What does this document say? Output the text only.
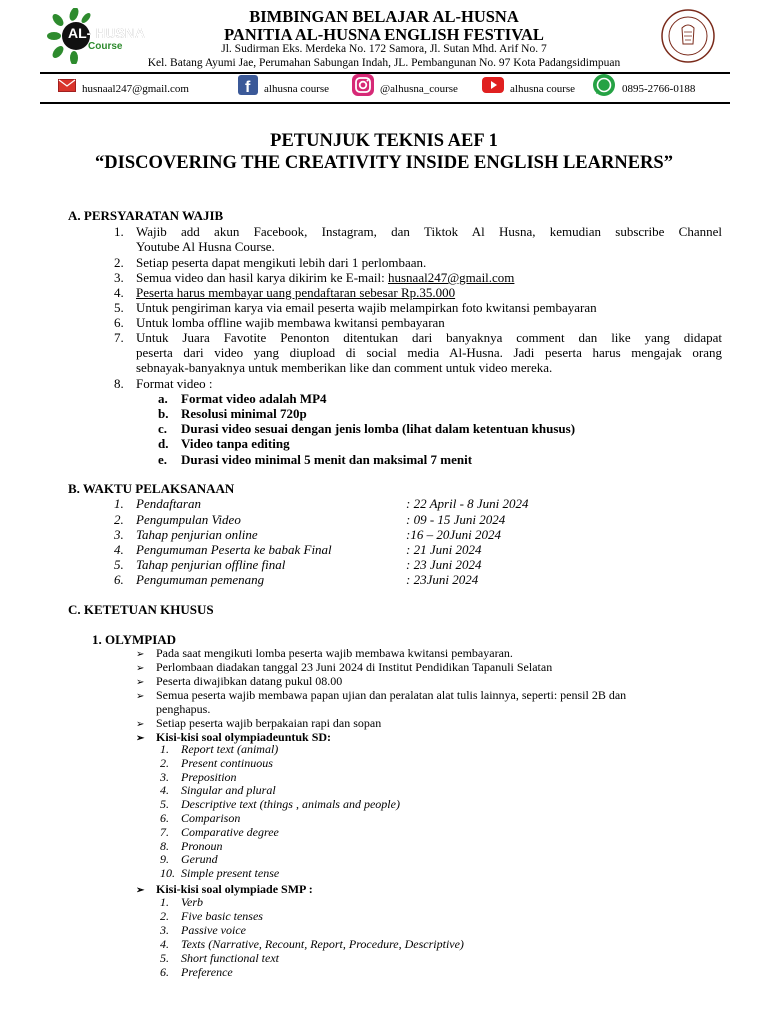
AL- HUSNA
Course
BIMBINGAN BELAJAR AL-HUSNA
PANITIA AL-HUSNA ENGLISH FESTIVAL
Jl. Sudirman Eks. Merdeka No. 172 Samora, Jl. Sutan Mhd. Arif No. 7
Kel. Batang Ayumi Jae, Perumahan Sabungan Indah, JL. Pembangunan No. 97 Kota Padangsidimpuan
husnaal247@gmail.com	f alhusna course	@alhusna_course	alhusna course	0895-2766-0188
PETUNJUK TEKNIS AEF 1
“DISCOVERING THE CREATIVITY INSIDE ENGLISH LEARNERS”
A. PERSYARATAN WAJIB
1. Wajib add akun Facebook, Instagram, dan Tiktok Al Husna, kemudian subscribe Channel
Youtube Al Husna Course.
2. Setiap peserta dapat mengikuti lebih dari 1 perlombaan.
3. Semua video dan hasil karya dikirim ke E-mail: husnaal247@gmail.com
4. Peserta harus membayar uang pendaftaran sebesar Rp.35.000
5. Untuk pengiriman karya via email peserta wajib melampirkan foto kwitansi pembayaran
6. Untuk lomba offline wajib membawa kwitansi pembayaran
7. Untuk Juara Favotite Penonton ditentukan dari banyaknya comment dan like yang didapat
peserta dari video yang diupload di social media Al-Husna. Jadi peserta harus mengajak orang
sebnayak-banyaknya untuk memberikan like dan comment untuk video mereka.
8. Format video :
a. Format video adalah MP4
b. Resolusi minimal 720p
c. Durasi video sesuai dengan jenis lomba (lihat dalam ketentuan khusus)
d. Video tanpa editing
e. Durasi video minimal 5 menit dan maksimal 7 menit
B. WAKTU PELAKSANAAN
1. Pendaftaran	: 22 April - 8 Juni 2024
2. Pengumpulan Video	: 09 - 15 Juni 2024
3. Tahap penjurian online	:16 – 20Juni 2024
4. Pengumuman Peserta ke babak Final	: 21 Juni 2024
5. Tahap penjurian offline final	: 23 Juni 2024
6. Pengumuman pemenang	: 23Juni 2024
C. KETETUAN KHUSUS
1. OLYMPIAD
➢ Pada saat mengikuti lomba peserta wajib membawa kwitansi pembayaran.
➢ Perlombaan diadakan tanggal 23 Juni 2024 di Institut Pendidikan Tapanuli Selatan
➢ Peserta diwajibkan datang pukul 08.00
➢ Semua peserta wajib membawa papan ujian dan peralatan alat tulis lainnya, seperti: pensil 2B dan
penghapus.
➢ Setiap peserta wajib berpakaian rapi dan sopan
➢ Kisi-kisi soal olympiadeuntuk SD:
1. Report text (animal)
2. Present continuous
3. Preposition
4. Singular and plural
5. Descriptive text (things , animals and people)
6. Comparison
7. Comparative degree
8. Pronoun
9. Gerund
10. Simple present tense
➢ Kisi-kisi soal olympiade SMP :
1. Verb
2. Five basic tenses
3. Passive voice
4. Texts (Narrative, Recount, Report, Procedure, Descriptive)
5. Short functional text
6. Preference
